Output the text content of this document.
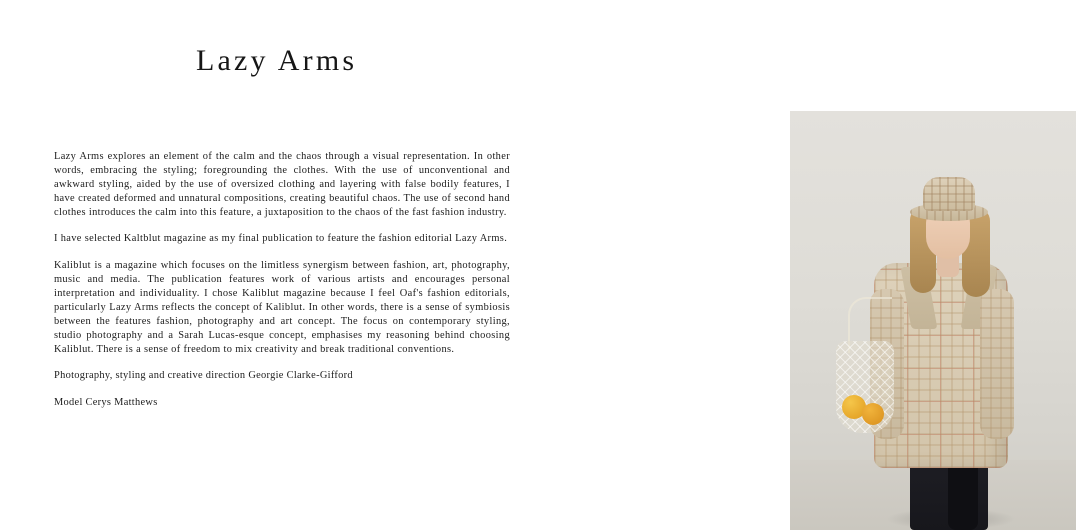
Lazy Arms

Lazy Arms explores an element of the calm and the chaos through a visual representation. In other words, embracing the styling; foregrounding the clothes. With the use of unconventional and awkward styling, aided by the use of oversized clothing and layering with false bodily features, I have created deformed and unnatural compositions, creating beautiful chaos. The use of second hand clothes introduces the calm into this feature, a juxtaposition to the chaos of the fast fashion industry.

I have selected Kaltblut magazine as my final publication to feature the fashion editorial Lazy Arms.

Kaliblut is a magazine which focuses on the limitless synergism between fashion, art, photography, music and media. The publication features work of various artists and encourages personal interpretation and individuality. I chose Kaliblut magazine because I feel Oaf's fashion editorials, particularly Lazy Arms reflects the concept of Kaliblut. In other words, there is a sense of symbiosis between the features fashion, photography and art concept. The focus on contemporary styling, studio photography and a Sarah Lucas-esque concept, emphasises my reasoning behind choosing Kaliblut. There is a sense of freedom to mix creativity and break traditional conventions.

Photography, styling and creative direction Georgie Clarke-Gifford

Model Cerys Matthews
